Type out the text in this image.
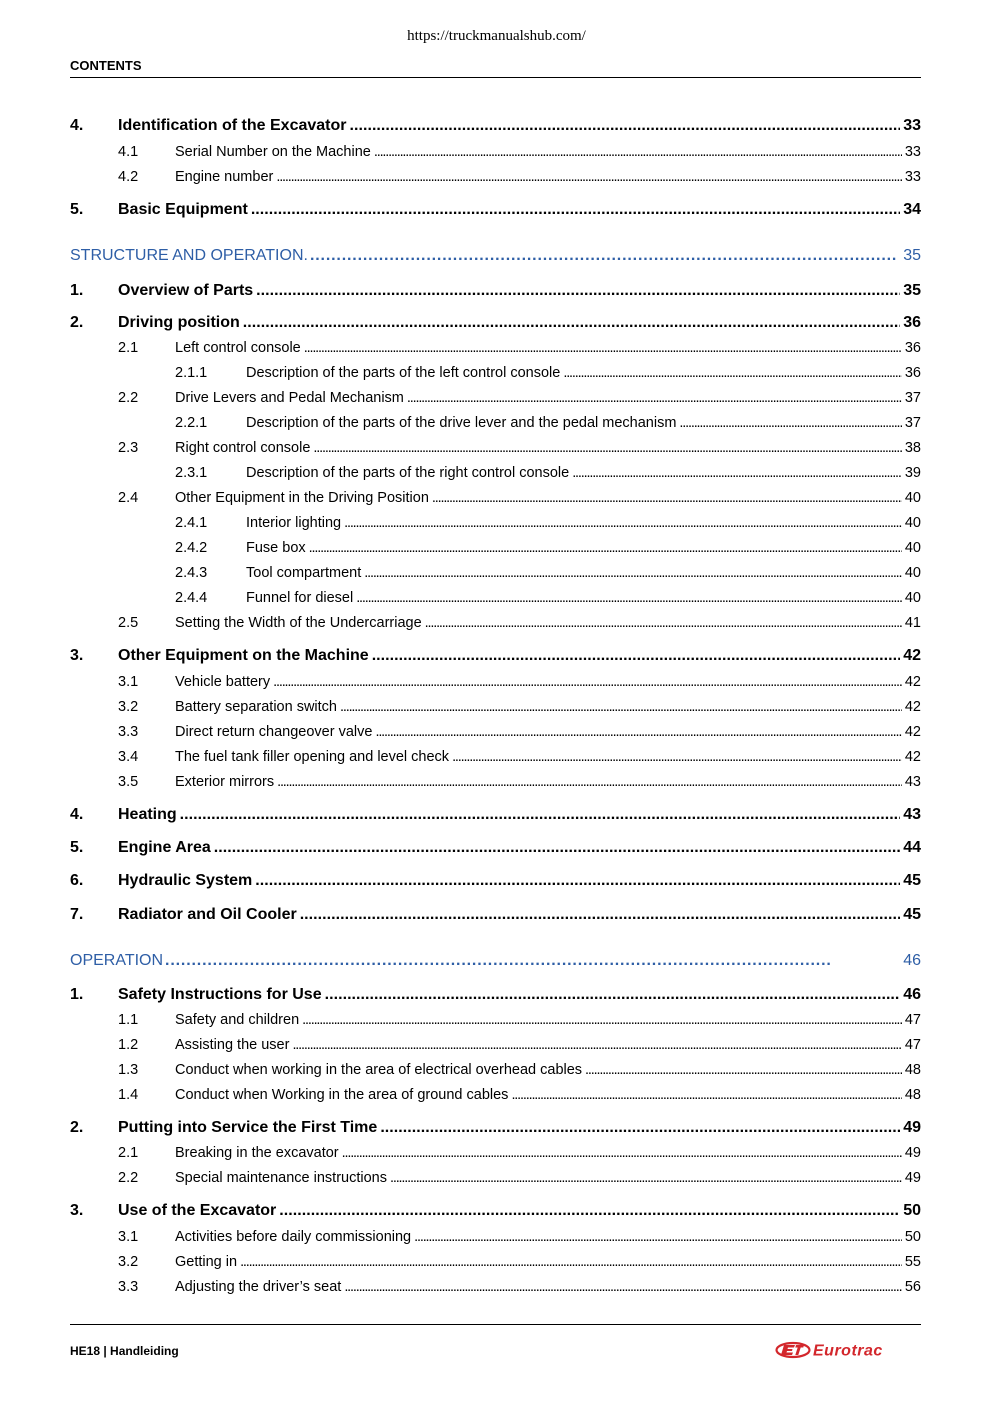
https://truckmanualshub.com/
CONTENTS
4.	Identification of the Excavator . . .	33
4.1	Serial Number on the Machine . . .	33
4.2	Engine number . . .	33
5.	Basic Equipment . . .	34
STRUCTURE AND OPERATION. . .	35
1.	Overview of Parts . . .	35
2.	Driving position . . .	36
2.1	Left control console . . .	36
2.1.1	Description of the parts of the left control console . . .	36
2.2	Drive Levers and Pedal Mechanism . . .	37
2.2.1	Description of the parts of the drive lever and the pedal mechanism . . .	37
2.3	Right control console . . .	38
2.3.1	Description of the parts of the right control console . . .	39
2.4	Other Equipment in the Driving Position . . .	40
2.4.1	Interior lighting . . .	40
2.4.2	Fuse box . . .	40
2.4.3	Tool compartment . . .	40
2.4.4	Funnel for diesel . . .	40
2.5	Setting the Width of the Undercarriage . . .	41
3.	Other Equipment on the Machine . . .	42
3.1	Vehicle battery . . .	42
3.2	Battery separation switch . . .	42
3.3	Direct return changeover valve . . .	42
3.4	The fuel tank filler opening and level check . . .	42
3.5	Exterior mirrors . . .	43
4.	Heating . . .	43
5.	Engine Area . . .	44
6.	Hydraulic System . . .	45
7.	Radiator and Oil Cooler . . .	45
OPERATION . .	46
1.	Safety Instructions for Use . . .	46
1.1	Safety and children . . .	47
1.2	Assisting the user . . .	47
1.3	Conduct when working in the area of electrical overhead cables . . .	48
1.4	Conduct when Working in the area of ground cables . . .	48
2.	Putting into Service the First Time . . .	49
2.1	Breaking in the excavator . . .	49
2.2	Special maintenance instructions . . .	49
3.	Use of the Excavator . . .	50
3.1	Activities before daily commissioning . . .	50
3.2	Getting in . . .	55
3.3	Adjusting the driver’s seat . . .	56
HE18 | Handleiding	Eurotrac
